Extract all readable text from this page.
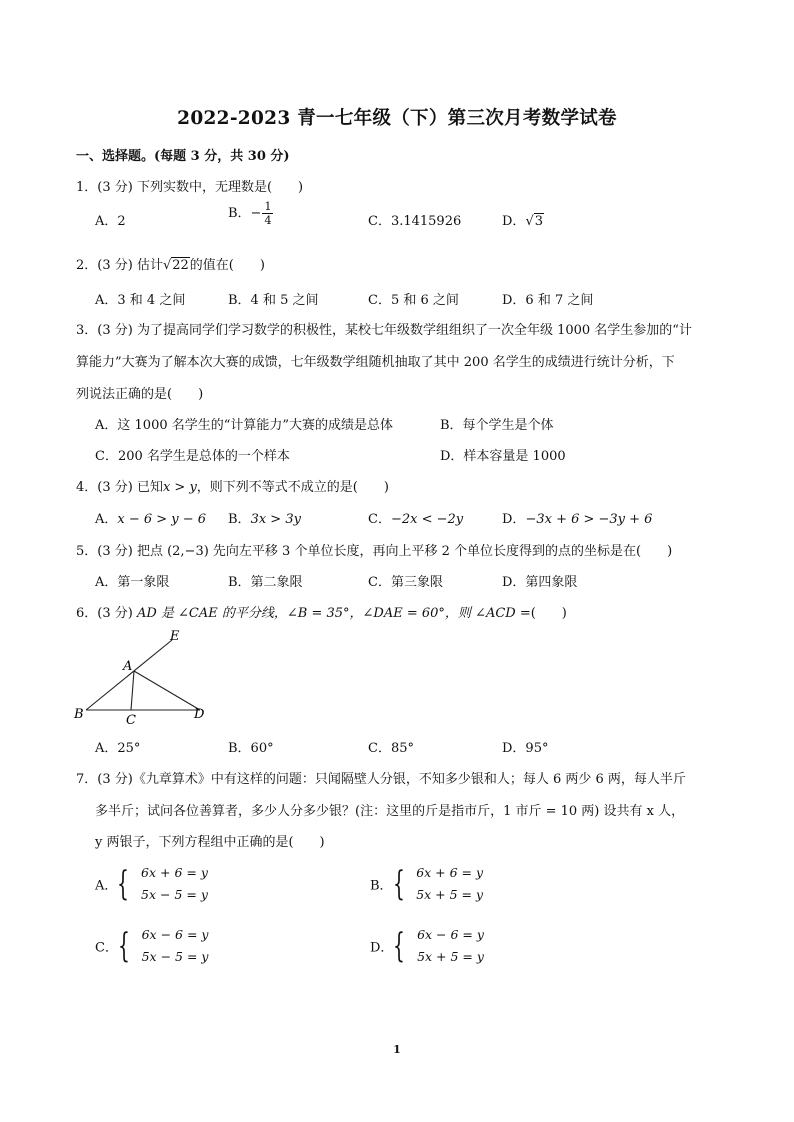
2022-2023 青一七年级（下）第三次月考数学试卷
一、选择题。(每题 3 分，共 30 分)
1．(3 分) 下列实数中，无理数是(　　)
A．2
B．− $\frac{1}{4}$	C．3.1415926	D．√3
2．(3 分) 估计√22的值在(　　)
A．3 和 4 之间	B．4 和 5 之间	C．5 和 6 之间	D．6 和 7 之间
3．(3 分) 为了提高同学们学习数学的积极性，某校七年级数学组组织了一次全年级 1000 名学生参加的“计
算能力”大赛为了解本次大赛的成馈，七年级数学组随机抽取了其中 200 名学生的成绩进行统计分析，下
列说法正确的是(　　)
A．这 1000 名学生的“计算能力”大赛的成绩是总体	B．每个学生是个体
C．200 名学生是总体的一个样本	D．样本容量是 1000
4．(3 分) 已知x > y，则下列不等式不成立的是(　　)
A．x − 6 > y − 6 B．3x > 3y	C．−2x < −2y	D．−3x + 6 > −3y + 6
5．(3 分) 把点 (2,−3) 先向左平移 3 个单位长度，再向上平移 2 个单位长度得到的点的坐标是在(　　)
A．第一象限	B．第二象限	C．第三象限	D．第四象限
6．(3 分) AD 是 ∠CAE 的平分线，∠B = 35°，∠DAE = 60°，则 ∠ACD =(　　)
E
A
B	C	D
A．25°	B．60°	C．85°	D．95°
7．(3 分)《九章算术》中有这样的问题：只闻隔壁人分银，不知多少银和人；每人 6 两少 6 两，每人半斤
多半斤；试问各位善算者，多少人分多少银？(注：这里的斤是指市斤，1 市斤 = 10 两) 设共有 x 人，
y 两银子，下列方程组中正确的是(　　)
A．{ 6x + 6 = y
5x − 5 = y
B．{ 6x + 6 = y
5x + 5 = y
C．{ 6x − 6 = y
5x − 5 = y
D．{ 6x − 6 = y
5x + 5 = y
1
